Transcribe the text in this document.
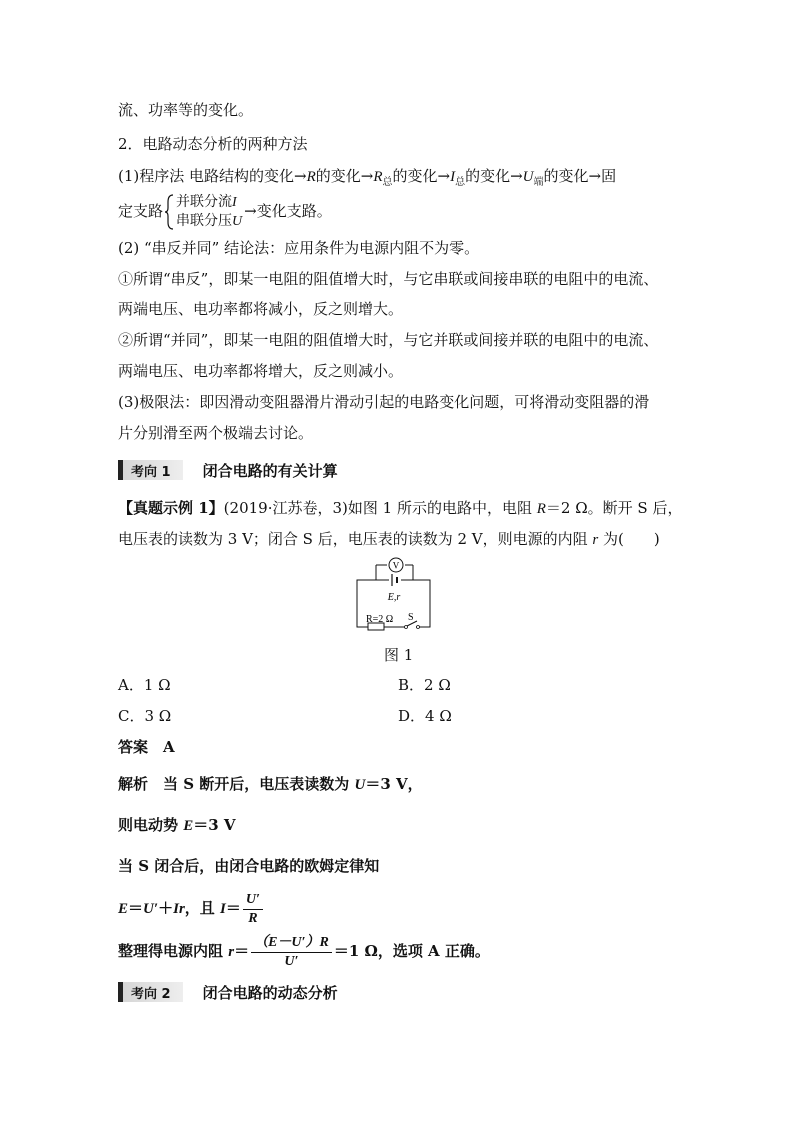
流、功率等的变化。
2．电路动态分析的两种方法
(1)程序法 电路结构的变化→R的变化$\to R_总$的变化$\to I_总$的变化$\to U_端$的变化→固
定支路 并联分流I
串联分压U
→变化支路。
(2) “串反并同” 结论法：应用条件为电源内阻不为零。
①所谓“串反”，即某一电阻的阻值增大时，与它串联或间接串联的电阻中的电流、
两端电压、电功率都将减小，反之则增大。
②所谓“并同”，即某一电阻的阻值增大时，与它并联或间接并联的电阻中的电流、
两端电压、电功率都将增大，反之则减小。
(3)极限法：即因滑动变阻器滑片滑动引起的电路变化问题，可将滑动变阻器的滑
片分别滑至两个极端去讨论。
考向 1	闭合电路的有关计算
【真题示例 1】(2019·江苏卷，3)如图 1 所示的电路中，电阻 R＝2 Ω。断开 S 后，
电压表的读数为 3 V；闭合 S 后，电压表的读数为 2 V，则电源的内阻 r 为(　　)
V
E,r
R=2 Ω S
图 1
A．1 Ω	B．2 Ω
C．3 Ω	D．4 Ω
答案　A
解析　当 S 断开后，电压表读数为 U＝3 V，
则电动势 E＝3 V
当 S 闭合后，由闭合电路的欧姆定律知
E＝U′＋Ir，且 $I= \frac{U'}{R}$
整理得电源内阻 $r= \frac{(E-U')R}{U'} =1$ Ω，选项 A 正确。
考向 2	闭合电路的动态分析
